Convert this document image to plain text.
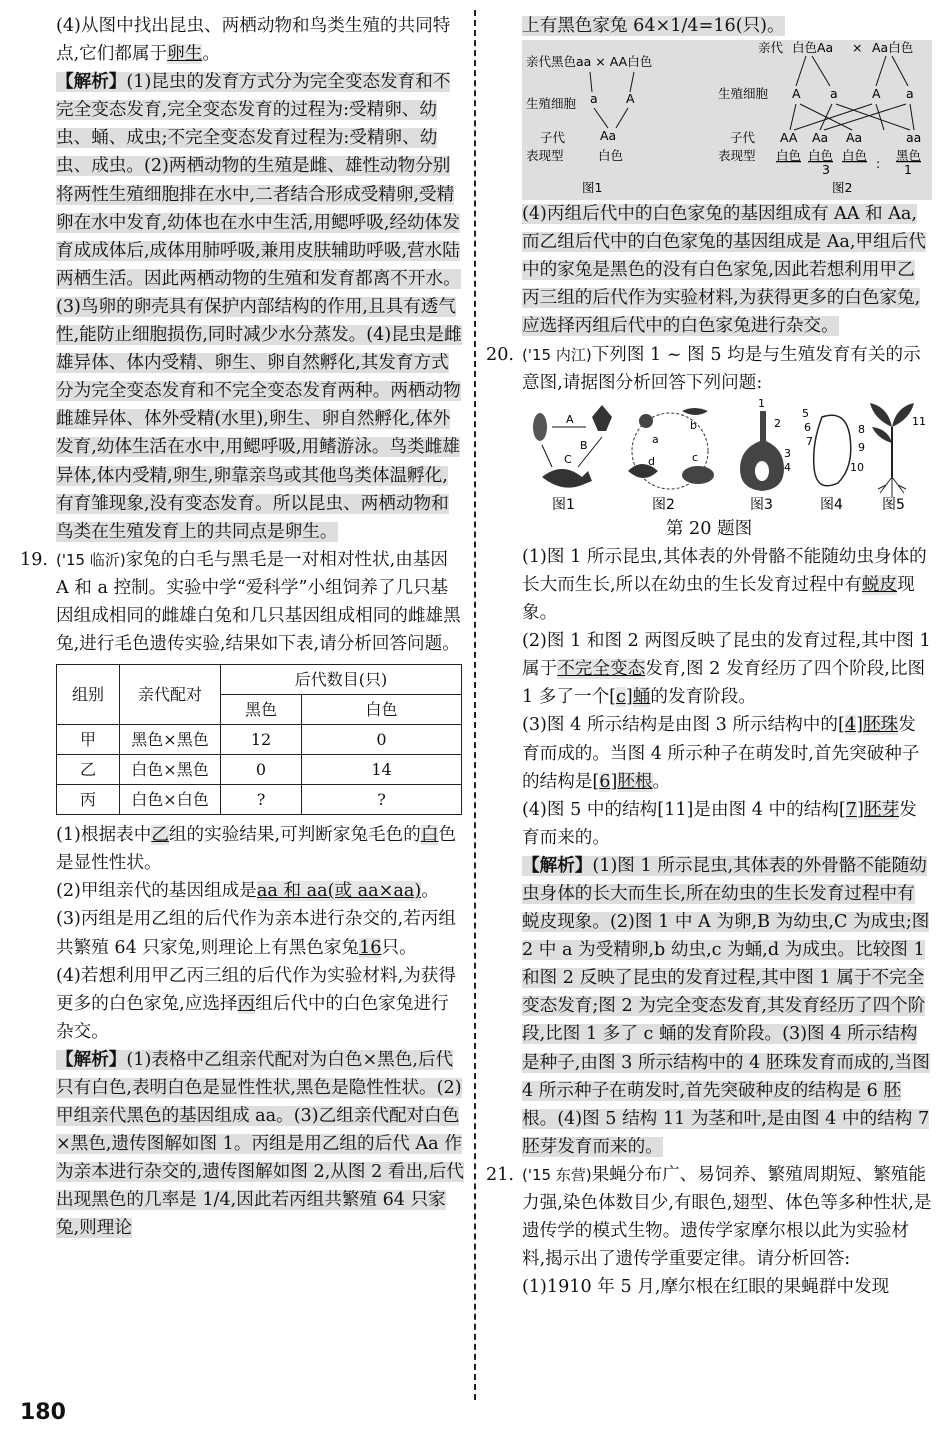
(4)从图中找出昆虫、两栖动物和鸟类生殖的共同特点,它们都属于卵生。

【解析】(1)昆虫的发育方式分为完全变态发育和不完全变态发育,完全变态发育的过程为:受精卵、幼虫、蛹、成虫;不完全变态发育过程为:受精卵、幼虫、成虫。(2)两栖动物的生殖是雌、雄性动物分别将两性生殖细胞排在水中,二者结合形成受精卵,受精卵在水中发育,幼体也在水中生活,用鳃呼吸,经幼体发育成成体后,成体用肺呼吸,兼用皮肤辅助呼吸,营水陆两栖生活。因此两栖动物的生殖和发育都离不开水。(3)鸟卵的卵壳具有保护内部结构的作用,且具有透气性,能防止细胞损伤,同时减少水分蒸发。(4)昆虫是雌雄异体、体内受精、卵生、卵自然孵化,其发育方式分为完全变态发育和不完全变态发育两种。两栖动物雌雄异体、体外受精(水里),卵生、卵自然孵化,体外发育,幼体生活在水中,用鳃呼吸,用鳍游泳。鸟类雌雄异体,体内受精,卵生,卵靠亲鸟或其他鸟类体温孵化,有育雏现象,没有变态发育。所以昆虫、两栖动物和鸟类在生殖发育上的共同点是卵生。

19. ('15 临沂)家兔的白毛与黑毛是一对相对性状,由基因 A 和 a 控制。实验中学“爱科学”小组饲养了几只基因组成相同的雌雄白兔和几只基因组成相同的雌雄黑兔,进行毛色遗传实验,结果如下表,请分析回答问题。

组别	亲代配对	后代数目(只)	
		黑色	白色
甲	黑色×黑色	12	0
乙	白色×黑色	0	14
丙	白色×白色	?	?

(1)根据表中乙组的实验结果,可判断家兔毛色的白色是显性性状。

(2)甲组亲代的基因组成是aa 和 aa(或 aa×aa)。

(3)丙组是用乙组的后代作为亲本进行杂交的,若丙组共繁殖 64 只家兔,则理论上有黑色家兔16只。

(4)若想利用甲乙丙三组的后代作为实验材料,为获得更多的白色家兔,应选择丙组后代中的白色家兔进行杂交。

【解析】(1)表格中乙组亲代配对为白色×黑色,后代只有白色,表明白色是显性性状,黑色是隐性性状。(2)甲组亲代黑色的基因组成 aa。(3)乙组亲代配对白色×黑色,遗传图解如图 1。丙组是用乙组的后代 Aa 作为亲本进行杂交的,遗传图解如图 2,从图 2 看出,后代出现黑色的几率是 1/4,因此若丙组共繁殖 64 只家兔,则理论

上有黑色家兔 64×1/4=16(只)。

亲代黑色aa × AA白色
生殖细胞 a A
子代	Aa
表现型	白色
图1
亲代 白色Aa × Aa白色
生殖细胞 A a	A a
子代 AA Aa Aa	aa
表现型 白色 白色 白色 黑色
3	: 1
图2

(4)丙组后代中的白色家兔的基因组成有 AA 和 Aa,而乙组后代中的白色家兔的基因组成是 Aa,甲组后代中的家兔是黑色的没有白色家兔,因此若想利用甲乙丙三组的后代作为实验材料,为获得更多的白色家兔,应选择丙组后代中的白色家兔进行杂交。

20. ('15 内江)下列图 1 ~ 图 5 均是与生殖发育有关的示意图,请据图分析回答下列问题:

A
B
C
a
b
c
d
1
2
3
4
5
6
7
8
9
10
11
图1	图2	图3	图4	图5

第 20 题图

(1)图 1 所示昆虫,其体表的外骨骼不能随幼虫身体的长大而生长,所以在幼虫的生长发育过程中有蜕皮现象。

(2)图 1 和图 2 两图反映了昆虫的发育过程,其中图 1 属于不完全变态发育,图 2 发育经历了四个阶段,比图 1 多了一个[c]蛹的发育阶段。

(3)图 4 所示结构是由图 3 所示结构中的[4]胚珠发育而成的。当图 4 所示种子在萌发时,首先突破种子的结构是[6]胚根。

(4)图 5 中的结构[11]是由图 4 中的结构[7]胚芽发育而来的。

【解析】(1)图 1 所示昆虫,其体表的外骨骼不能随幼虫身体的长大而生长,所在幼虫的生长发育过程中有蜕皮现象。(2)图 1 中 A 为卵,B 为幼虫,C 为成虫;图 2 中 a 为受精卵,b 幼虫,c 为蛹,d 为成虫。比较图 1 和图 2 反映了昆虫的发育过程,其中图 1 属于不完全变态发育;图 2 为完全变态发育,其发育经历了四个阶段,比图 1 多了 c 蛹的发育阶段。(3)图 4 所示结构是种子,由图 3 所示结构中的 4 胚珠发育而成的,当图 4 所示种子在萌发时,首先突破种皮的结构是 6 胚根。(4)图 5 结构 11 为茎和叶,是由图 4 中的结构 7 胚芽发育而来的。

21. ('15 东营)果蝇分布广、易饲养、繁殖周期短、繁殖能力强,染色体数目少,有眼色,翅型、体色等多种性状,是遗传学的模式生物。遗传学家摩尔根以此为实验材料,揭示出了遗传学重要定律。请分析回答:

(1)1910 年 5 月,摩尔根在红眼的果蝇群中发现

180
